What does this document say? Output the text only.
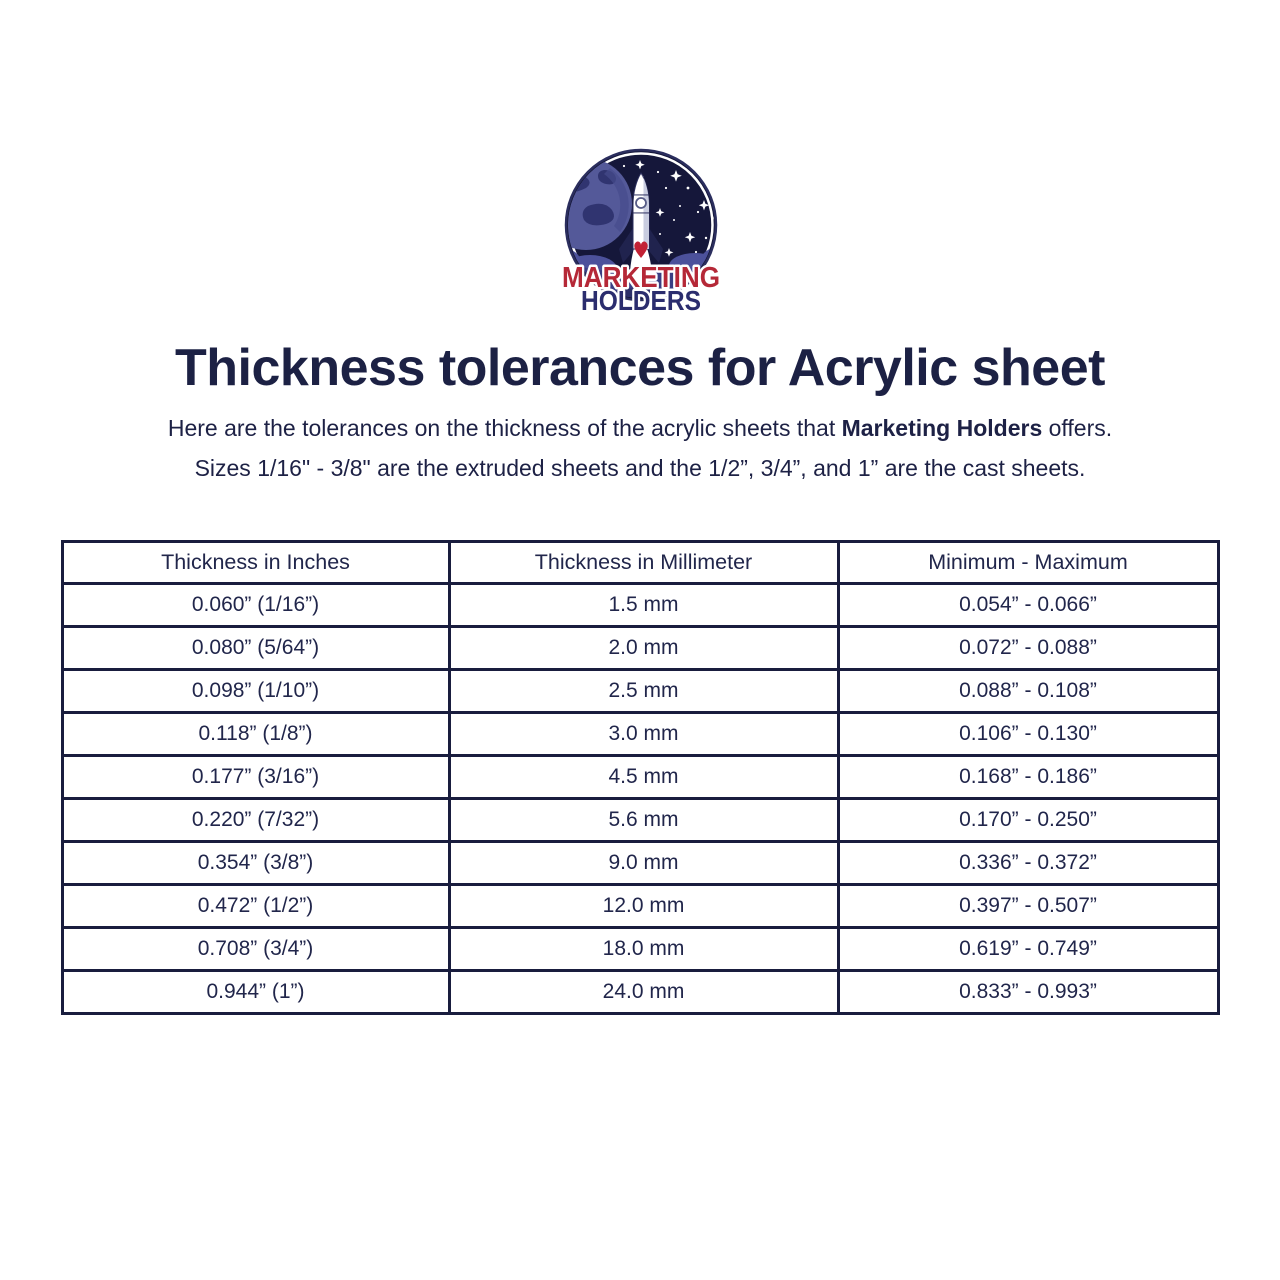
MARKETING
HOLDERS
Thickness tolerances for Acrylic sheet
Here are the tolerances on the thickness of the acrylic sheets that Marketing Holders offers.
Sizes 1/16" - 3/8" are the extruded sheets and the 1/2”, 3/4”, and 1” are the cast sheets.
Thickness in Inches	Thickness in Millimeter	Minimum - Maximum
0.060” (1/16”)	1.5 mm	0.054” - 0.066”
0.080” (5/64”)	2.0 mm	0.072” - 0.088”
0.098” (1/10”)	2.5 mm	0.088” - 0.108”
0.118” (1/8”)	3.0 mm	0.106” - 0.130”
0.177” (3/16”)	4.5 mm	0.168” - 0.186”
0.220” (7/32”)	5.6 mm	0.170” - 0.250”
0.354” (3/8”)	9.0 mm	0.336” - 0.372”
0.472” (1/2”)	12.0 mm	0.397” - 0.507”
0.708” (3/4”)	18.0 mm	0.619” - 0.749”
0.944” (1”)	24.0 mm	0.833” - 0.993”
